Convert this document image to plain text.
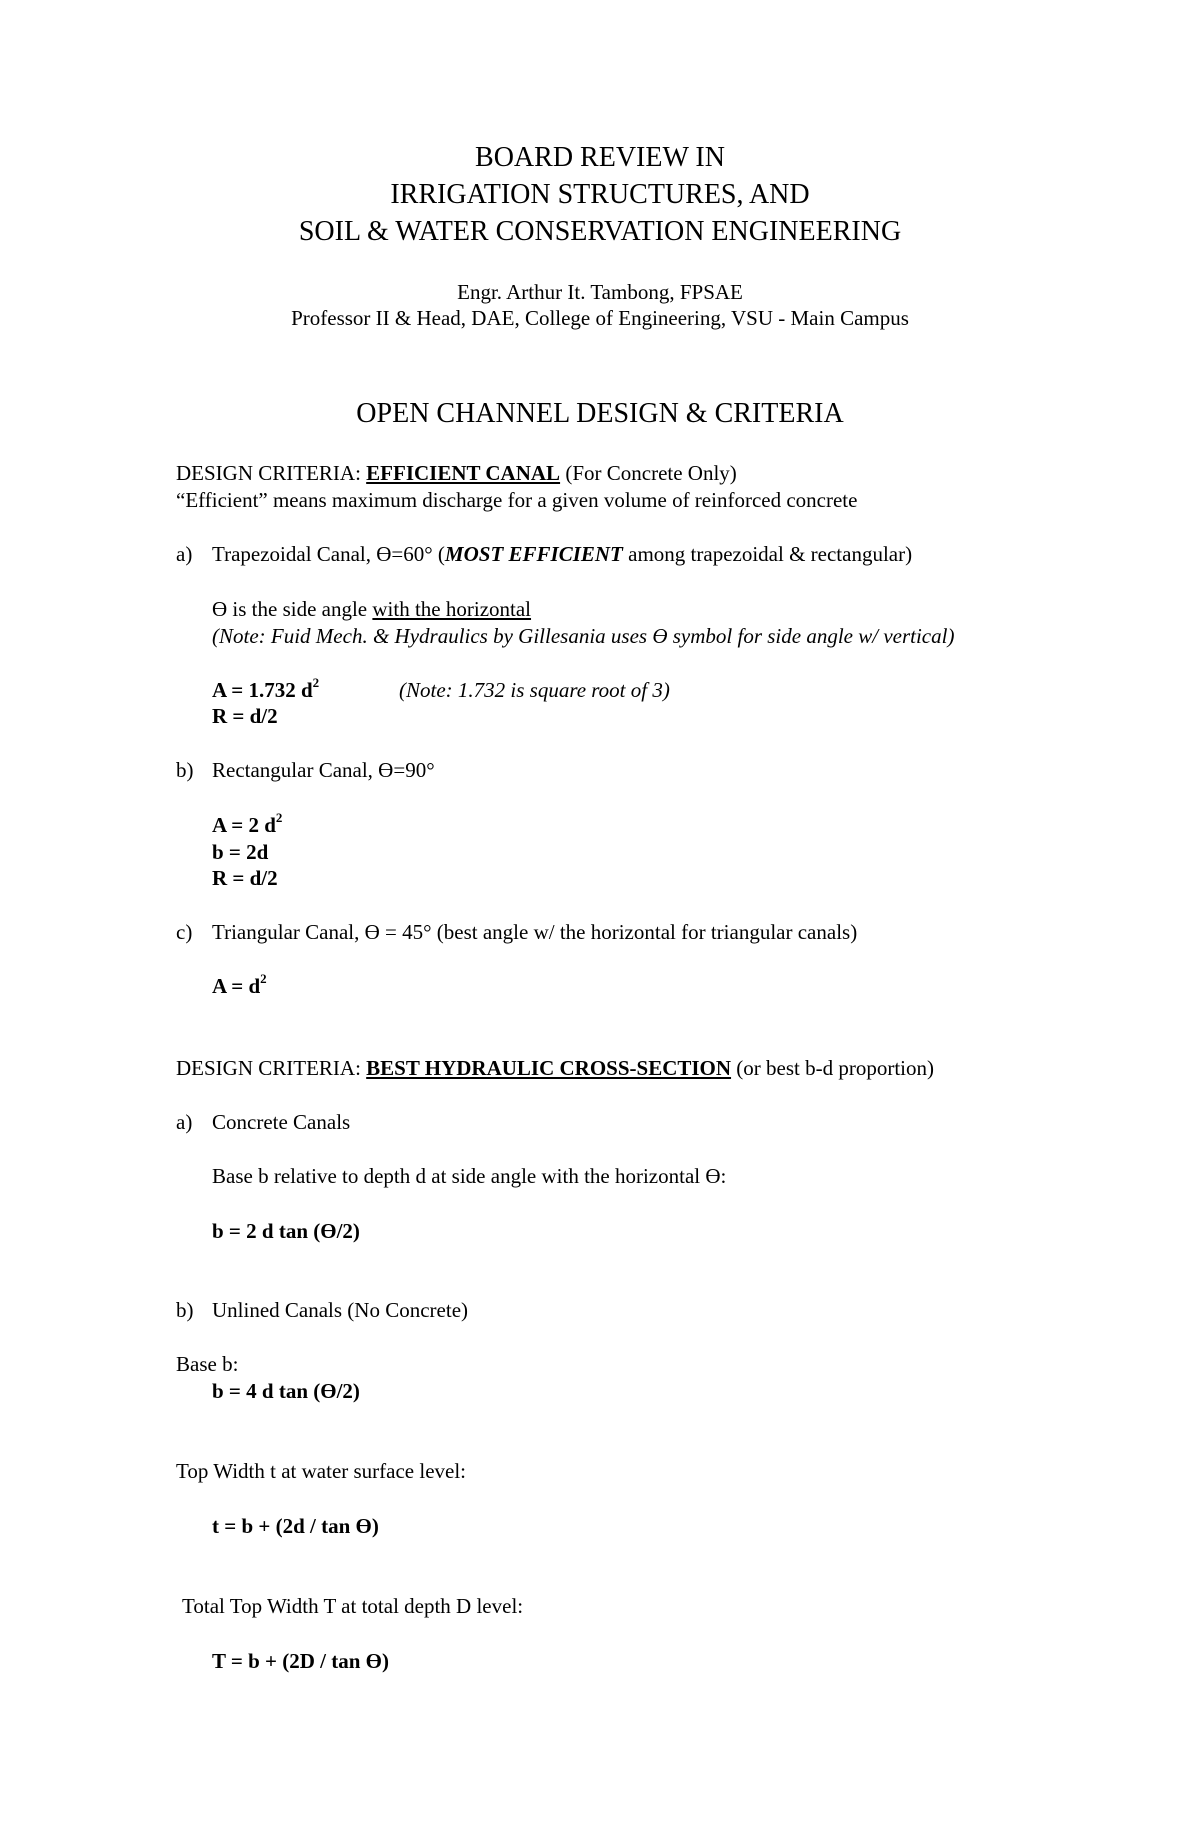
BOARD REVIEW IN
IRRIGATION STRUCTURES, AND
SOIL & WATER CONSERVATION ENGINEERING
Engr. Arthur It. Tambong, FPSAE
Professor II & Head, DAE, College of Engineering, VSU - Main Campus
OPEN CHANNEL DESIGN & CRITERIA
DESIGN CRITERIA: EFFICIENT CANAL (For Concrete Only)
“Efficient” means maximum discharge for a given volume of reinforced concrete
a) Trapezoidal Canal, ϴ=60° (MOST EFFICIENT among trapezoidal & rectangular)
ϴ is the side angle with the horizontal
(Note: Fuid Mech. & Hydraulics by Gillesania uses ϴ symbol for side angle w/ vertical)
A = 1.732 $d^2$	(Note: 1.732 is square root of 3)
R = d/2
b) Rectangular Canal, ϴ=90°
A = 2 $d^2$
b = 2d
R = d/2
c) Triangular Canal, ϴ = 45° (best angle w/ the horizontal for triangular canals)
$A = d^2$
DESIGN CRITERIA: BEST HYDRAULIC CROSS-SECTION (or best b-d proportion)
a) Concrete Canals
Base b relative to depth d at side angle with the horizontal ϴ:
b = 2 d tan (ϴ/2)
b) Unlined Canals (No Concrete)
Base b:
b = 4 d tan (ϴ/2)
Top Width t at water surface level:
t = b + (2d / tan ϴ)
Total Top Width T at total depth D level:
T = b + (2D / tan ϴ)
